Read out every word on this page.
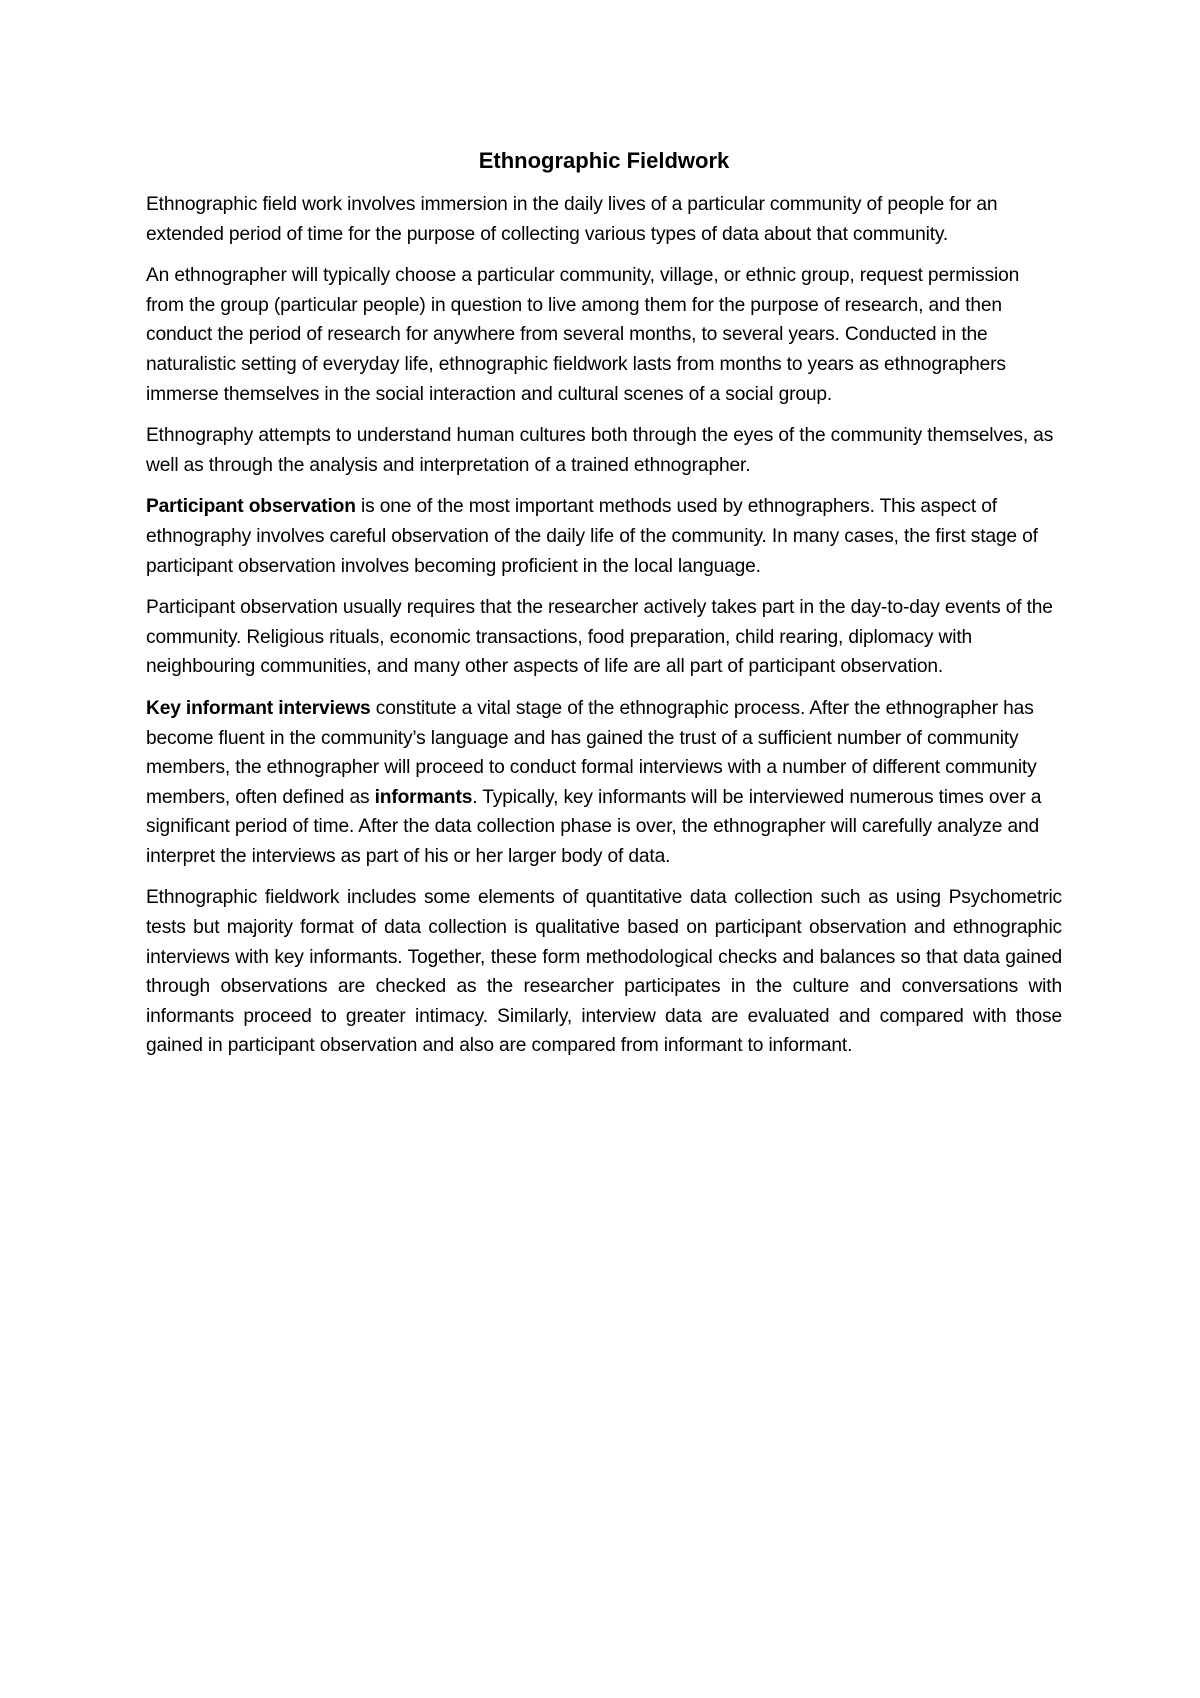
Ethnographic Fieldwork

Ethnographic field work involves immersion in the daily lives of a particular community of people for an extended period of time for the purpose of collecting various types of data about that community.

An ethnographer will typically choose a particular community, village, or ethnic group, request permission from the group (particular people) in question to live among them for the purpose of research, and then conduct the period of research for anywhere from several months, to several years. Conducted in the naturalistic setting of everyday life, ethnographic fieldwork lasts from months to years as ethnographers immerse themselves in the social interaction and cultural scenes of a social group.

Ethnography attempts to understand human cultures both through the eyes of the community themselves, as well as through the analysis and interpretation of a trained ethnographer.

Participant observation is one of the most important methods used by ethnographers. This aspect of ethnography involves careful observation of the daily life of the community. In many cases, the first stage of participant observation involves becoming proficient in the local language.

Participant observation usually requires that the researcher actively takes part in the day-to-day events of the community. Religious rituals, economic transactions, food preparation, child rearing, diplomacy with neighbouring communities, and many other aspects of life are all part of participant observation.

Key informant interviews constitute a vital stage of the ethnographic process. After the ethnographer has become fluent in the community’s language and has gained the trust of a sufficient number of community members, the ethnographer will proceed to conduct formal interviews with a number of different community members, often defined as informants. Typically, key informants will be interviewed numerous times over a significant period of time. After the data collection phase is over, the ethnographer will carefully analyze and interpret the interviews as part of his or her larger body of data.

Ethnographic fieldwork includes some elements of quantitative data collection such as using Psychometric tests but majority format of data collection is qualitative based on participant observation and ethnographic interviews with key informants. Together, these form methodological checks and balances so that data gained through observations are checked as the researcher participates in the culture and conversations with informants proceed to greater intimacy. Similarly, interview data are evaluated and compared with those gained in participant observation and also are compared from informant to informant.
